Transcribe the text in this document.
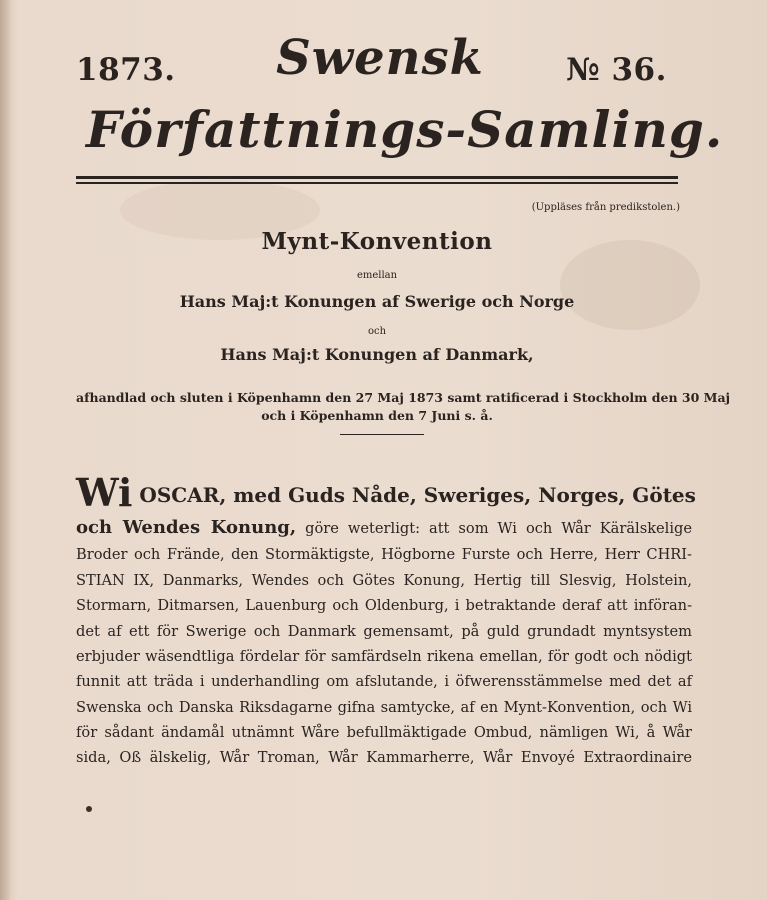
1873. Swensk	№ 36.
Författnings-Samling.
(Uppläses från predikstolen.)
Mynt-Konvention
emellan
Hans Maj:t Konungen af Swerige och Norge
och
Hans Maj:t Konungen af Danmark,
afhandlad och sluten i Köpenhamn den 27 Maj 1873 samt ratificerad i Stockholm den 30 Maj
och i Köpenhamn den 7 Juni s. å.
Wi OSCAR, med Guds Nåde, Sweriges, Norges, Götes
och Wendes Konung, göre weterligt: att som Wi och Wår Kärälskelige
Broder och Frände, den Stormäktigste, Högborne Furste och Herre, Herr CHRI-
STIAN IX, Danmarks, Wendes och Götes Konung, Hertig till Slesvig, Holstein,
Stormarn, Ditmarsen, Lauenburg och Oldenburg, i betraktande deraf att införan-
det af ett för Swerige och Danmark gemensamt, på guld grundadt myntsystem
erbjuder wäsendtliga fördelar för samfärdseln rikena emellan, för godt och nödigt
funnit att träda i underhandling om afslutande, i öfwerensstämmelse med det af
Swenska och Danska Riksdagarne gifna samtycke, af en Mynt-Konvention, och Wi
för sådant ändamål utnämnt Wåre befullmäktigade Ombud, nämligen Wi, å Wår
sida, Oß älskelig, Wår Troman, Wår Kammarherre, Wår Envoyé Extraordinaire
